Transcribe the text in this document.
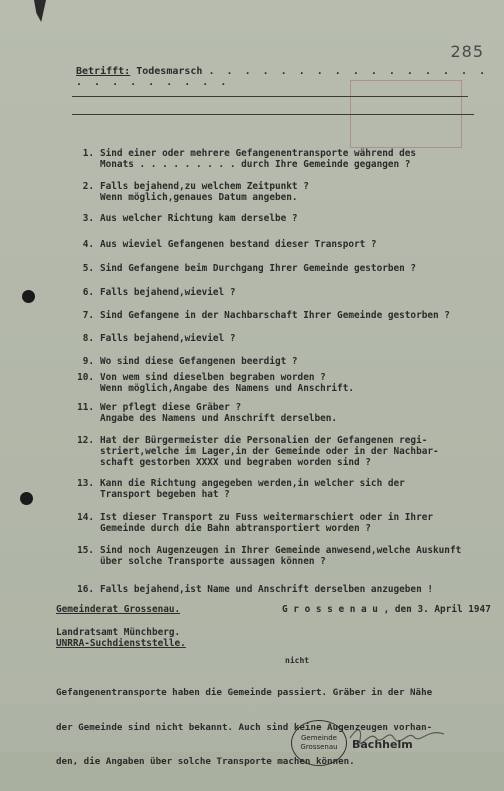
285
Betrifft: Todesmarsch . . . . . . . . . . . . . . . . . . . . . . . . .
1. Sind einer oder mehrere Gefangenentransporte während des
Monats . . . . . . . . . durch Ihre Gemeinde gegangen ?
2. Falls bejahend,zu welchem Zeitpunkt ?
Wenn möglich,genaues Datum angeben.
3. Aus welcher Richtung kam derselbe ?
4. Aus wieviel Gefangenen bestand dieser Transport ?
5. Sind Gefangene beim Durchgang Ihrer Gemeinde gestorben ?
6. Falls bejahend,wieviel ?
7. Sind Gefangene in der Nachbarschaft Ihrer Gemeinde gestorben ?
8. Falls bejahend,wieviel ?
9. Wo sind diese Gefangenen beerdigt ?
10. Von wem sind dieselben begraben worden ?
Wenn möglich,Angabe des Namens und Anschrift.
11. Wer pflegt diese Gräber ?
Angabe des Namens und Anschrift derselben.
12. Hat der Bürgermeister die Personalien der Gefangenen regi-
striert,welche im Lager,in der Gemeinde oder in der Nachbar-
schaft gestorben XXXX und begraben worden sind ?
13. Kann die Richtung angegeben werden,in welcher sich der
Transport begeben hat ?
14. Ist dieser Transport zu Fuss weitermarschiert oder in Ihrer
Gemeinde durch die Bahn abtransportiert worden ?
15. Sind noch Augenzeugen in Ihrer Gemeinde anwesend,welche Auskunft
über solche Transporte aussagen können ?
16. Falls bejahend,ist Name und Anschrift derselben anzugeben !
Gemeinderat Grossenau.	G r o s s e n a u , den 3. April 1947
Landratsamt Münchberg.
UNRRA-Suchdienststelle.
nicht

Gefangenentransporte haben die Gemeinde passiert. Gräber in der Nähe

der Gemeinde sind nicht bekannt. Auch sind keine Augenzeugen vorhan-

den, die Angaben über solche Transporte machen können.

Gemeinde
Grossenau Bachhelm
